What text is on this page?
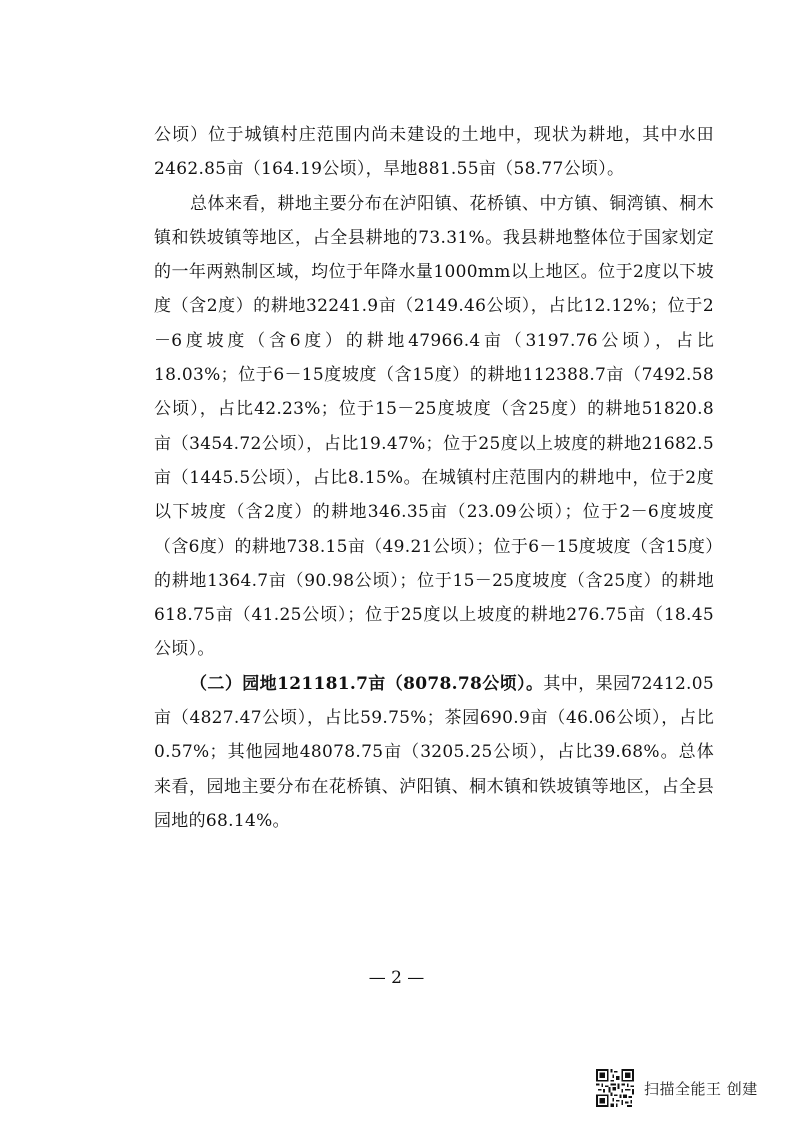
公顷）位于城镇村庄范围内尚未建设的土地中，现状为耕地，其中水田2462.85亩（164.19公顷），旱地881.55亩（58.77公顷）。

总体来看，耕地主要分布在泸阳镇、花桥镇、中方镇、铜湾镇、桐木镇和铁坡镇等地区，占全县耕地的73.31%。我县耕地整体位于国家划定的一年两熟制区域，均位于年降水量1000mm以上地区。位于2度以下坡度（含2度）的耕地32241.9亩（2149.46公顷），占比12.12%；位于2－6度坡度（含6度）的耕地47966.4亩（3197.76公顷），占比18.03%；位于6－15度坡度（含15度）的耕地112388.7亩（7492.58公顷），占比42.23%；位于15－25度坡度（含25度）的耕地51820.8亩（3454.72公顷），占比19.47%；位于25度以上坡度的耕地21682.5亩（1445.5公顷），占比8.15%。在城镇村庄范围内的耕地中，位于2度以下坡度（含2度）的耕地346.35亩（23.09公顷）；位于2－6度坡度（含6度）的耕地738.15亩（49.21公顷）；位于6－15度坡度（含15度）的耕地1364.7亩（90.98公顷）；位于15－25度坡度（含25度）的耕地618.75亩（41.25公顷）；位于25度以上坡度的耕地276.75亩（18.45公顷）。

（二）园地121181.7亩（8078.78公顷）。其中，果园72412.05亩（4827.47公顷），占比59.75%；茶园690.9亩（46.06公顷），占比0.57%；其他园地48078.75亩（3205.25公顷），占比39.68%。总体来看，园地主要分布在花桥镇、泸阳镇、桐木镇和铁坡镇等地区，占全县园地的68.14%。

— 2 —
扫描全能王 创建
